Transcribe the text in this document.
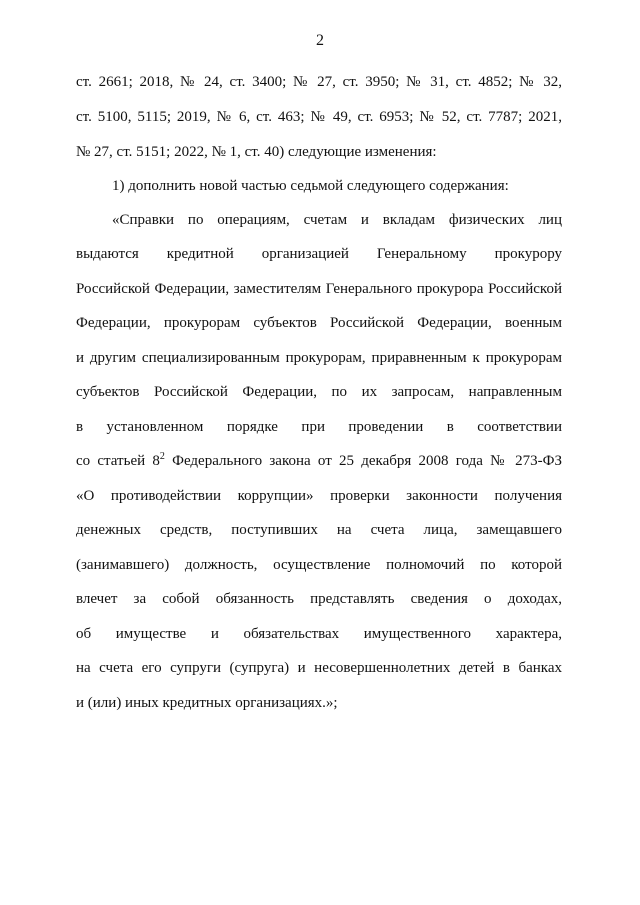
2
ст. 2661; 2018, № 24, ст. 3400; № 27, ст. 3950; № 31, ст. 4852; № 32,
ст. 5100, 5115; 2019, № 6, ст. 463; № 49, ст. 6953; № 52, ст. 7787; 2021,
№ 27, ст. 5151; 2022, № 1, ст. 40) следующие изменения:
1) дополнить новой частью седьмой следующего содержания:
«Справки по операциям, счетам и вкладам физических лиц
выдаются кредитной организацией Генеральному прокурору
Российской Федерации, заместителям Генерального прокурора Российской
Федерации, прокурорам субъектов Российской Федерации, военным
и другим специализированным прокурорам, приравненным к прокурорам
субъектов Российской Федерации, по их запросам, направленным
в установленном порядке при проведении в соответствии
со статьей $8^2$ Федерального закона от 25 декабря 2008 года № 273-ФЗ
«О противодействии коррупции» проверки законности получения
денежных средств, поступивших на счета лица, замещавшего
(занимавшего) должность, осуществление полномочий по которой
влечет за собой обязанность представлять сведения о доходах,
об имуществе и обязательствах имущественного характера,
на счета его супруги (супруга) и несовершеннолетних детей в банках
и (или) иных кредитных организациях.»;
